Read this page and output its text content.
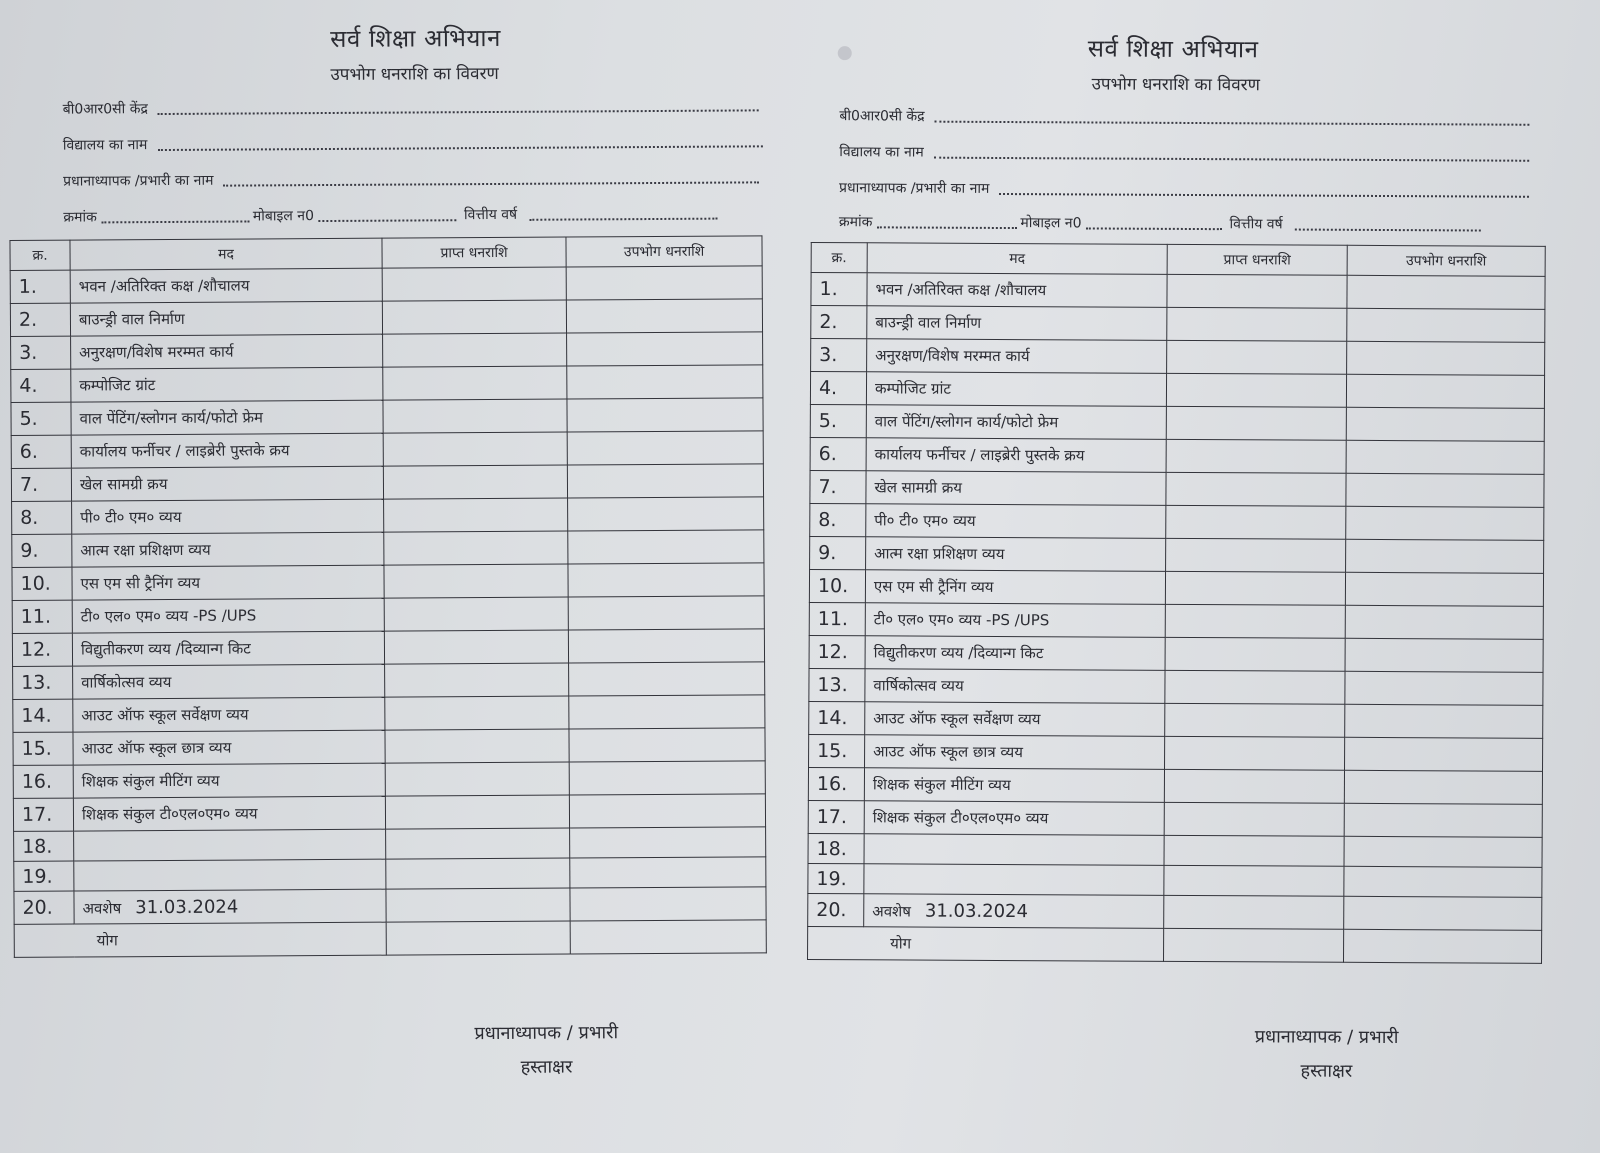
सर्व शिक्षा अभियान
उपभोग धनराशि का विवरण
बी0आर0सी केंद्र
विद्यालय का नाम
प्रधानाध्यापक /प्रभारी का नाम
क्रमांक	मोबाइल न0	वित्तीय वर्ष
क्र.	मद	प्राप्त धनराशि	उपभोग धनराशि
1.	भवन /अतिरिक्त कक्ष /शौचालय		
2.	बाउन्ड्री वाल निर्माण		
3.	अनुरक्षण/विशेष मरम्मत कार्य		
4.	कम्पोजिट ग्रांट		
5.	वाल पेंटिंग/स्लोगन कार्य/फोटो फ्रेम		
6.	कार्यालय फर्नीचर / लाइब्रेरी पुस्तके क्रय		
7.	खेल सामग्री क्रय		
8.	पी० टी० एम० व्यय		
9.	आत्म रक्षा प्रशिक्षण व्यय		
10.	एस एम सी ट्रैनिंग व्यय		
11.	टी० एल० एम० व्यय -PS /UPS		
12.	विद्युतीकरण व्यय /दिव्यान्ग किट		
13.	वार्षिकोत्सव व्यय		
14.	आउट ऑफ स्कूल सर्वेक्षण व्यय		
15.	आउट ऑफ स्कूल छात्र व्यय		
16.	शिक्षक संकुल मीटिंग व्यय		
17.	शिक्षक संकुल टी०एल०एम० व्यय		
18.			
19.			
20.	अवशेष 31.03.2024		
योग			
प्रधानाध्यापक / प्रभारी
हस्ताक्षर
सर्व शिक्षा अभियान
उपभोग धनराशि का विवरण
बी0आर0सी केंद्र
विद्यालय का नाम
प्रधानाध्यापक /प्रभारी का नाम
क्रमांक	मोबाइल न0	वित्तीय वर्ष
क्र.	मद	प्राप्त धनराशि	उपभोग धनराशि
1.	भवन /अतिरिक्त कक्ष /शौचालय		
2.	बाउन्ड्री वाल निर्माण		
3.	अनुरक्षण/विशेष मरम्मत कार्य		
4.	कम्पोजिट ग्रांट		
5.	वाल पेंटिंग/स्लोगन कार्य/फोटो फ्रेम		
6.	कार्यालय फर्नीचर / लाइब्रेरी पुस्तके क्रय		
7.	खेल सामग्री क्रय		
8.	पी० टी० एम० व्यय		
9.	आत्म रक्षा प्रशिक्षण व्यय		
10.	एस एम सी ट्रैनिंग व्यय		
11.	टी० एल० एम० व्यय -PS /UPS		
12.	विद्युतीकरण व्यय /दिव्यान्ग किट		
13.	वार्षिकोत्सव व्यय		
14.	आउट ऑफ स्कूल सर्वेक्षण व्यय		
15.	आउट ऑफ स्कूल छात्र व्यय		
16.	शिक्षक संकुल मीटिंग व्यय		
17.	शिक्षक संकुल टी०एल०एम० व्यय		
18.			
19.			
20.	अवशेष 31.03.2024		
योग			
प्रधानाध्यापक / प्रभारी
हस्ताक्षर
